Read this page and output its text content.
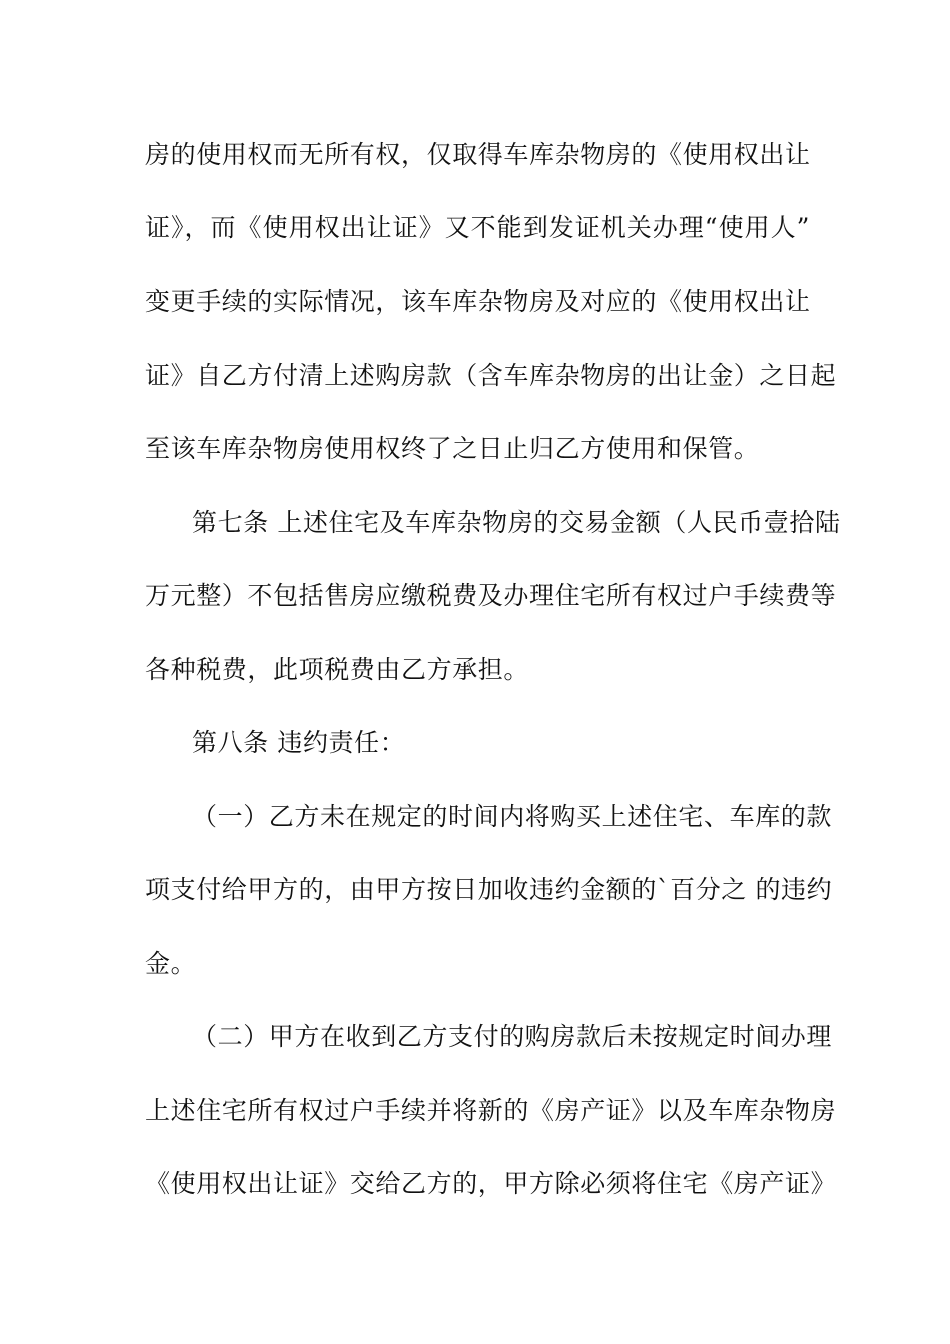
房的使用权而无所有权，仅取得车库杂物房的《使用权出让
证》，而《使用权出让证》又不能到发证机关办理“使用人”
变更手续的实际情况，该车库杂物房及对应的《使用权出让
证》自乙方付清上述购房款（含车库杂物房的出让金）之日起
至该车库杂物房使用权终了之日止归乙方使用和保管。
第七条 上述住宅及车库杂物房的交易金额（人民币壹拾陆
万元整）不包括售房应缴税费及办理住宅所有权过户手续费等
各种税费，此项税费由乙方承担。
第八条 违约责任：
（一）乙方未在规定的时间内将购买上述住宅、车库的款
项支付给甲方的，由甲方按日加收违约金额的`百分之 的违约
金。
（二）甲方在收到乙方支付的购房款后未按规定时间办理
上述住宅所有权过户手续并将新的《房产证》以及车库杂物房
《使用权出让证》交给乙方的，甲方除必须将住宅《房产证》
